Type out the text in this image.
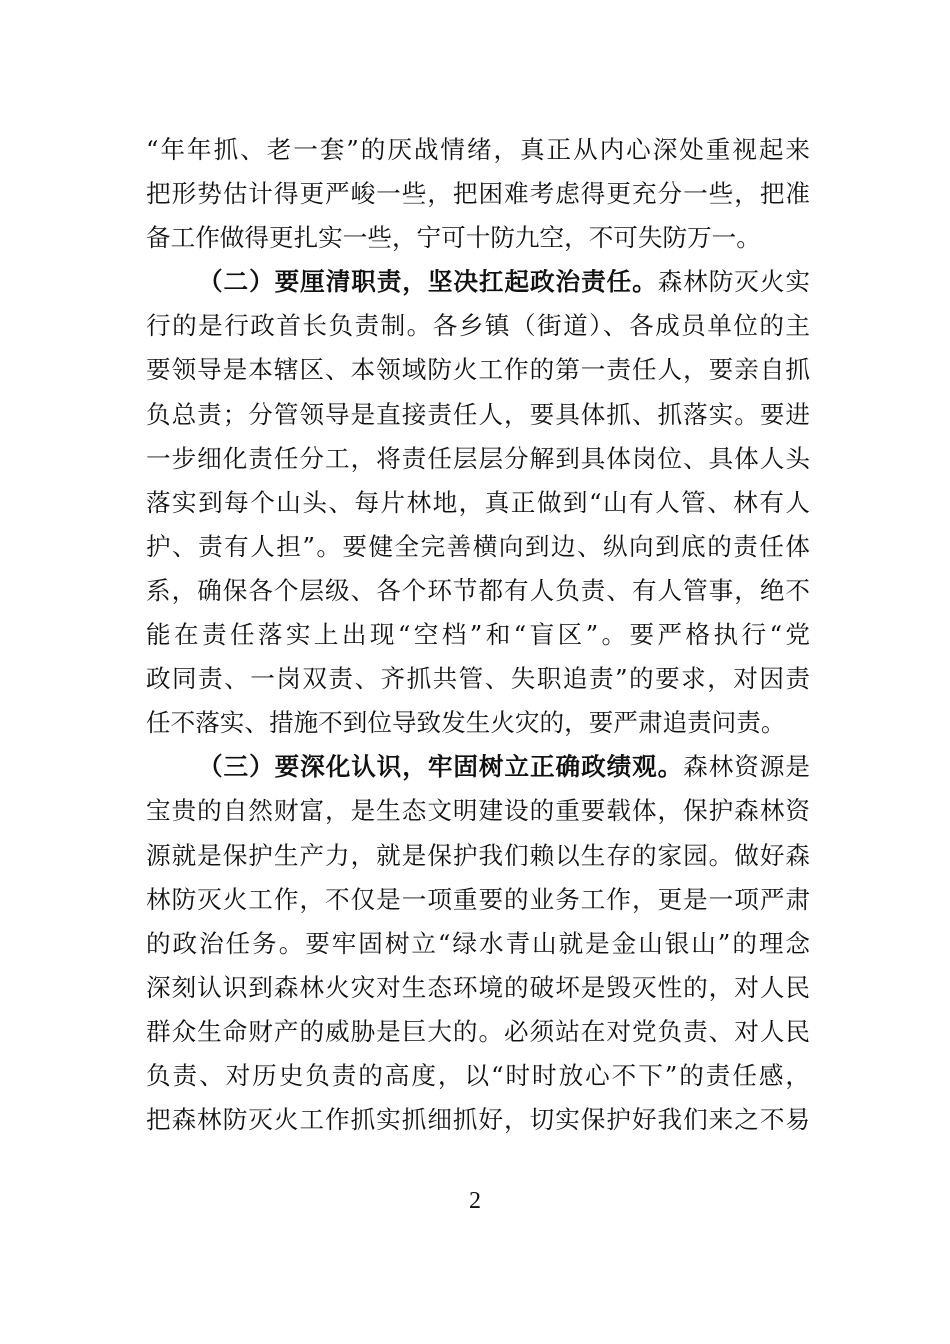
“年年抓、老一套”的厌战情绪，真正从内心深处重视起来
把形势估计得更严峻一些，把困难考虑得更充分一些，把准
备工作做得更扎实一些，宁可十防九空，不可失防万一。
（二）要厘清职责，坚决扛起政治责任。森林防灭火实
行的是行政首长负责制。各乡镇（街道）、各成员单位的主
要领导是本辖区、本领域防火工作的第一责任人，要亲自抓
负总责；分管领导是直接责任人，要具体抓、抓落实。要进
一步细化责任分工，将责任层层分解到具体岗位、具体人头
落实到每个山头、每片林地，真正做到“山有人管、林有人
护、责有人担”。要健全完善横向到边、纵向到底的责任体
系，确保各个层级、各个环节都有人负责、有人管事，绝不
能在责任落实上出现“空档”和“盲区”。要严格执行“党
政同责、一岗双责、齐抓共管、失职追责”的要求，对因责
任不落实、措施不到位导致发生火灾的，要严肃追责问责。
（三）要深化认识，牢固树立正确政绩观。森林资源是
宝贵的自然财富，是生态文明建设的重要载体，保护森林资
源就是保护生产力，就是保护我们赖以生存的家园。做好森
林防灭火工作，不仅是一项重要的业务工作，更是一项严肃
的政治任务。要牢固树立“绿水青山就是金山银山”的理念
深刻认识到森林火灾对生态环境的破坏是毁灭性的，对人民
群众生命财产的威胁是巨大的。必须站在对党负责、对人民
负责、对历史负责的高度，以“时时放心不下”的责任感，
把森林防灭火工作抓实抓细抓好，切实保护好我们来之不易
2
